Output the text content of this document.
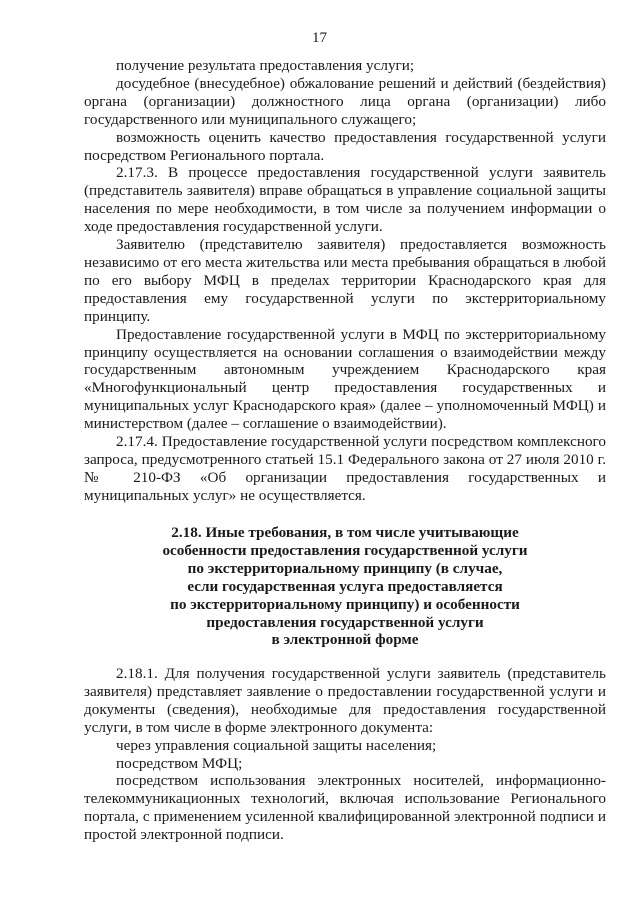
17

получение результата предоставления услуги;

досудебное (внесудебное) обжалование решений и действий (бездействия) органа (организации) должностного лица органа (организации) либо государственного или муниципального служащего;

возможность оценить качество предоставления государственной услуги посредством Регионального портала.

2.17.3. В процессе предоставления государственной услуги заявитель (представитель заявителя) вправе обращаться в управление социальной защиты населения по мере необходимости, в том числе за получением информации о ходе предоставления государственной услуги.

Заявителю (представителю заявителя) предоставляется возможность независимо от его места жительства или места пребывания обращаться в любой по его выбору МФЦ в пределах территории Краснодарского края для предоставления ему государственной услуги по экстерриториальному принципу.

Предоставление государственной услуги в МФЦ по экстерриториальному принципу осуществляется на основании соглашения о взаимодействии между государственным автономным учреждением Краснодарского края «Многофункциональный центр предоставления государственных и муниципальных услуг Краснодарского края» (далее – уполномоченный МФЦ) и министерством (далее – соглашение о взаимодействии).

2.17.4. Предоставление государственной услуги посредством комплексного запроса, предусмотренного статьей 15.1 Федерального закона от 27 июля 2010 г. № 210-ФЗ «Об организации предоставления государственных и муниципальных услуг» не осуществляется.

2.18. Иные требования, в том числе учитывающие
особенности предоставления государственной услуги
по экстерриториальному принципу (в случае,
если государственная услуга предоставляется
по экстерриториальному принципу) и особенности
предоставления государственной услуги
в электронной форме

2.18.1. Для получения государственной услуги заявитель (представитель заявителя) представляет заявление о предоставлении государственной услуги и документы (сведения), необходимые для предоставления государственной услуги, в том числе в форме электронного документа:

через управления социальной защиты населения;

посредством МФЦ;

посредством использования электронных носителей, информационно-телекоммуникационных технологий, включая использование Регионального портала, с применением усиленной квалифицированной электронной подписи и простой электронной подписи.
